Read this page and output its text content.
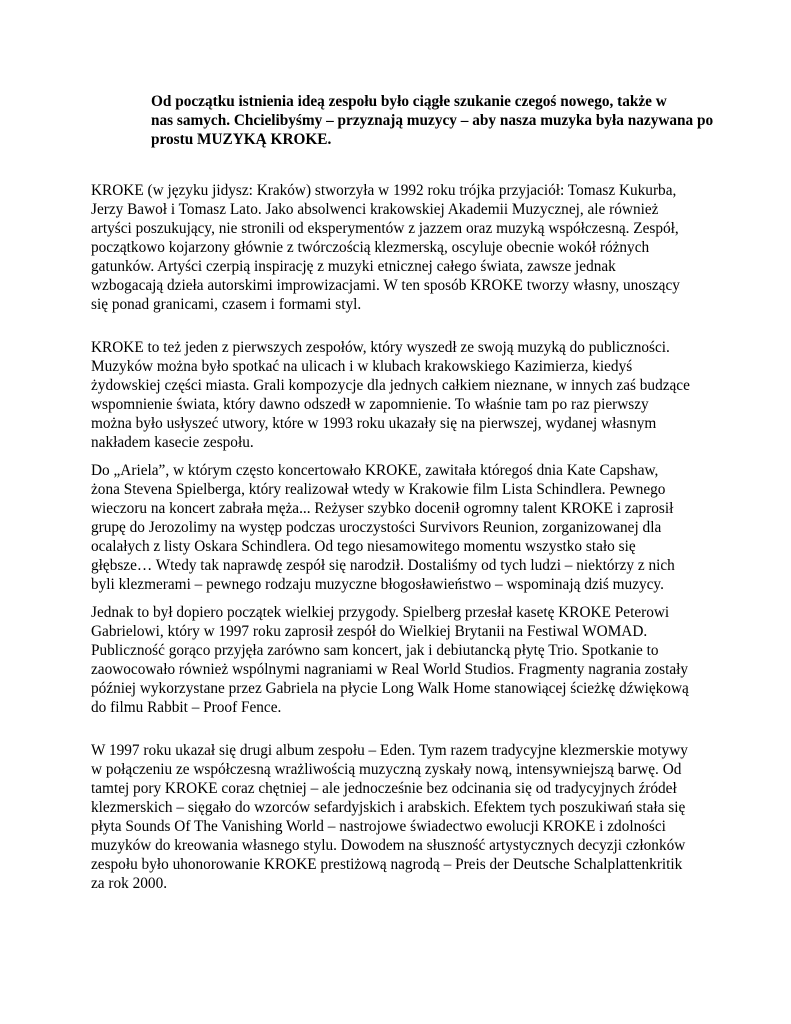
Od początku istnienia ideą zespołu było ciągłe szukanie czegoś nowego, także w
nas samych. Chcielibyśmy – przyznają muzycy – aby nasza muzyka była nazywana po
prostu MUZYKĄ KROKE.

KROKE (w języku jidysz: Kraków) stworzyła w 1992 roku trójka przyjaciół: Tomasz Kukurba,
Jerzy Bawoł i Tomasz Lato. Jako absolwenci krakowskiej Akademii Muzycznej, ale również
artyści poszukujący, nie stronili od eksperymentów z jazzem oraz muzyką współczesną. Zespół,
początkowo kojarzony głównie z twórczością klezmerską, oscyluje obecnie wokół różnych
gatunków. Artyści czerpią inspirację z muzyki etnicznej całego świata, zawsze jednak
wzbogacają dzieła autorskimi improwizacjami. W ten sposób KROKE tworzy własny, unoszący
się ponad granicami, czasem i formami styl.

KROKE to też jeden z pierwszych zespołów, który wyszedł ze swoją muzyką do publiczności.
Muzyków można było spotkać na ulicach i w klubach krakowskiego Kazimierza, kiedyś
żydowskiej części miasta. Grali kompozycje dla jednych całkiem nieznane, w innych zaś budzące
wspomnienie świata, który dawno odszedł w zapomnienie. To właśnie tam po raz pierwszy
można było usłyszeć utwory, które w 1993 roku ukazały się na pierwszej, wydanej własnym
nakładem kasecie zespołu.

Do „Ariela”, w którym często koncertowało KROKE, zawitała któregoś dnia Kate Capshaw,
żona Stevena Spielberga, który realizował wtedy w Krakowie film Lista Schindlera. Pewnego
wieczoru na koncert zabrała męża... Reżyser szybko docenił ogromny talent KROKE i zaprosił
grupę do Jerozolimy na występ podczas uroczystości Survivors Reunion, zorganizowanej dla
ocalałych z listy Oskara Schindlera. Od tego niesamowitego momentu wszystko stało się
głębsze… Wtedy tak naprawdę zespół się narodził. Dostaliśmy od tych ludzi – niektórzy z nich
byli klezmerami – pewnego rodzaju muzyczne błogosławieństwo – wspominają dziś muzycy.

Jednak to był dopiero początek wielkiej przygody. Spielberg przesłał kasetę KROKE Peterowi
Gabrielowi, który w 1997 roku zaprosił zespół do Wielkiej Brytanii na Festiwal WOMAD.
Publiczność gorąco przyjęła zarówno sam koncert, jak i debiutancką płytę Trio. Spotkanie to
zaowocowało również wspólnymi nagraniami w Real World Studios. Fragmenty nagrania zostały
później wykorzystane przez Gabriela na płycie Long Walk Home stanowiącej ścieżkę dźwiękową
do filmu Rabbit – Proof Fence.

W 1997 roku ukazał się drugi album zespołu – Eden. Tym razem tradycyjne klezmerskie motywy
w połączeniu ze współczesną wrażliwością muzyczną zyskały nową, intensywniejszą barwę. Od
tamtej pory KROKE coraz chętniej – ale jednocześnie bez odcinania się od tradycyjnych źródeł
klezmerskich – sięgało do wzorców sefardyjskich i arabskich. Efektem tych poszukiwań stała się
płyta Sounds Of The Vanishing World – nastrojowe świadectwo ewolucji KROKE i zdolności
muzyków do kreowania własnego stylu. Dowodem na słuszność artystycznych decyzji członków
zespołu było uhonorowanie KROKE prestiżową nagrodą – Preis der Deutsche Schalplattenkritik
za rok 2000.
